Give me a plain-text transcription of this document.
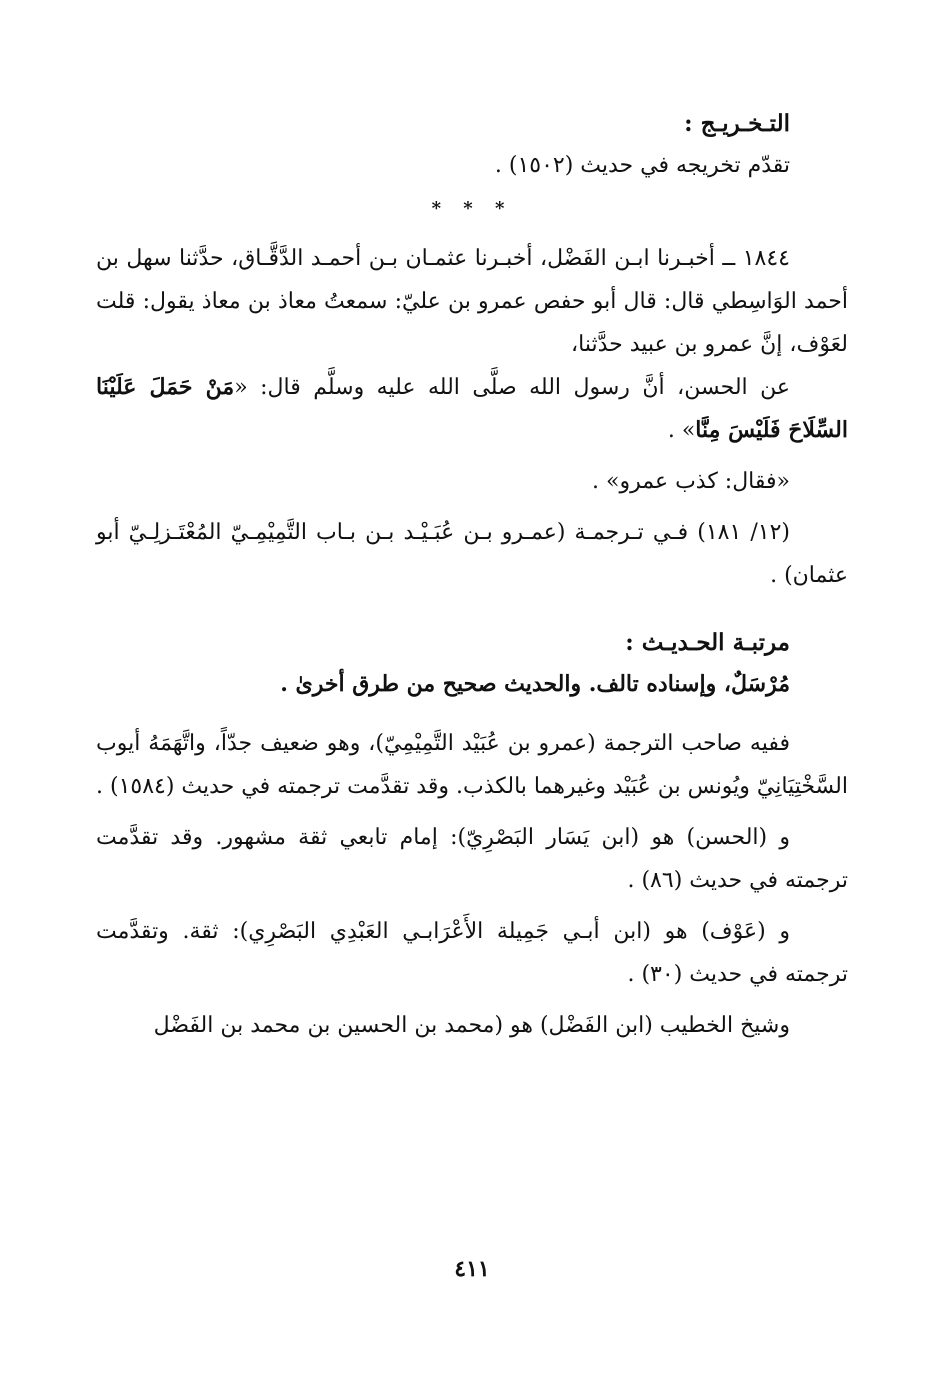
التـخـريـج :
تقدّم تخريجه في حديث (١٥٠٢) .
* * *
١٨٤٤ ــ أخبـرنا ابـن الفَضْل، أخبـرنا عثمـان بـن أحمـد الدَّقَّـاق، حدَّثنا سهل بن أحمد الوَاسِطي قال: قال أبو حفص عمرو بن عليّ: سمعتُ معاذ بن معاذ يقول: قلت لعَوْف، إنَّ عمرو بن عبيد حدَّثنا،
عن الحسن، أنَّ رسول الله صلَّى الله عليه وسلَّم قال: «مَنْ حَمَلَ عَلَيْنَا السِّلَاحَ فَلَيْسَ مِنَّا» .
«فقال: كذب عمرو» .
(١٢/ ١٨١) فـي تـرجمـة (عمـرو بـن عُبَـيْـد بـن بـاب التَّمِيْمِـيّ المُعْتَـزلِـيّ أبو عثمان) .
مرتبـة الحـديـث :
مُرْسَلٌ، وإسناده تالف. والحديث صحيح من طرق أخرىٰ .
ففيه صاحب الترجمة (عمرو بن عُبَيْد التَّمِيْمِيّ)، وهو ضعيف جدّاً، واتَّهَمَهُ أيوب السَّخْتِيَانِيّ ويُونس بن عُبَيْد وغيرهما بالكذب. وقد تقدَّمت ترجمته في حديث (١٥٨٤) .
و (الحسن) هو (ابن يَسَار البَصْرِيّ): إمام تابعي ثقة مشهور. وقد تقدَّمت ترجمته في حديث (٨٦) .
و (عَوْف) هو (ابن أبـي جَمِيلة الأَعْرَابـي العَبْدِي البَصْرِي): ثقة. وتقدَّمت ترجمته في حديث (٣٠) .
وشيخ الخطيب (ابن الفَضْل) هو (محمد بن الحسين بن محمد بن الفَضْل
٤١١
